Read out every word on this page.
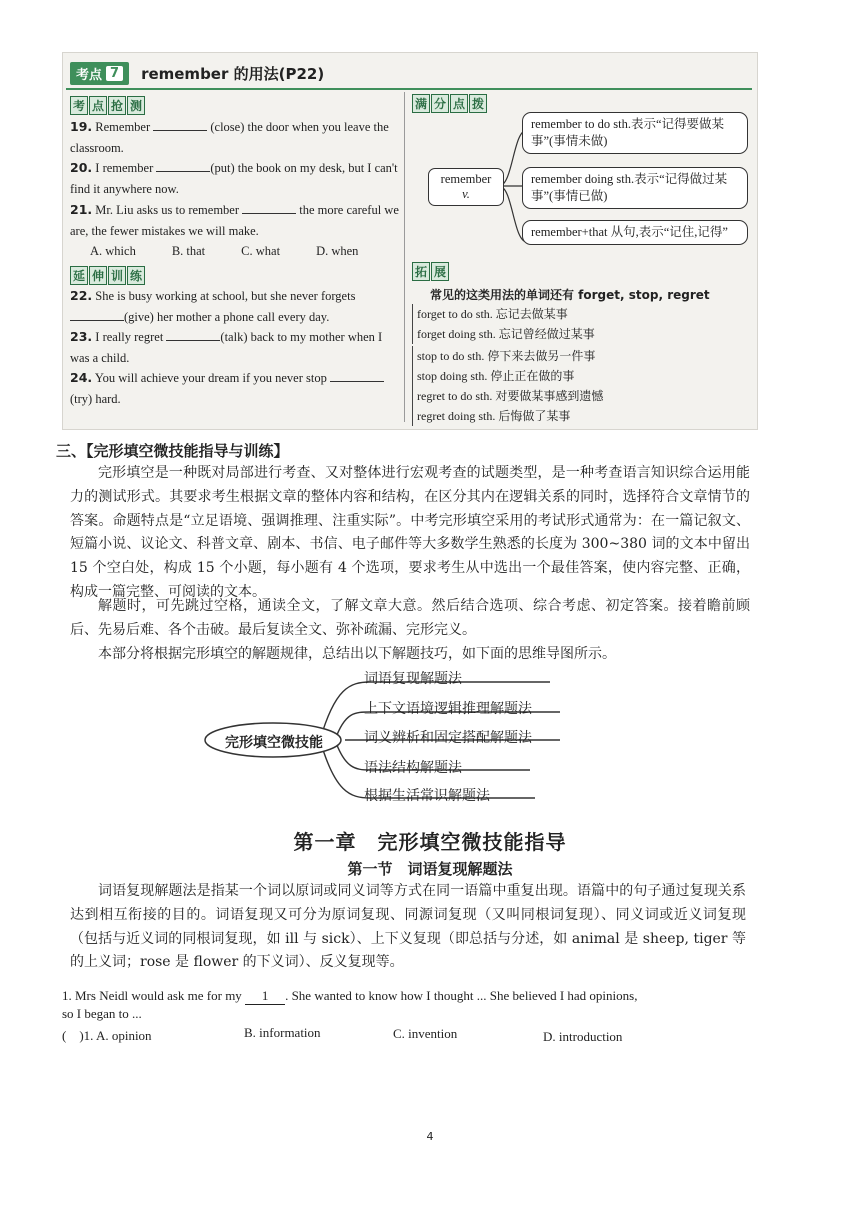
考点 7 remember 的用法(P22)
考 点 抢 测
19. Remember	(close) the door when you leave the classroom.
20. I remember	(put) the book on my desk, but I can't find it anywhere now.
21. Mr. Liu asks us to remember	the more careful we are, the fewer mistakes we will make.
A. which	B. that	C. what	D. when
延 伸 训 练
22. She is busy working at school, but she never forgets
(give) her mother a phone call every day.
23. I really regret	(talk) back to my mother when I was a child.
24. You will achieve your dream if you never stop
(try) hard.
满 分 点 拨
remember
v.
remember to do sth.表示“记得要做某事”(事情未做)
remember doing sth.表示“记得做过某事”(事情已做)
remember+that 从句,表示“记住,记得”
拓 展
常见的这类用法的单词还有 forget, stop, regret
forget to do sth. 忘记去做某事
forget doing sth. 忘记曾经做过某事
stop to do sth. 停下来去做另一件事
stop doing sth. 停止正在做的事
regret to do sth. 对要做某事感到遗憾
regret doing sth. 后悔做了某事
三、【完形填空微技能指导与训练】
完形填空是一种既对局部进行考查、又对整体进行宏观考查的试题类型，是一种考查语言知识综合运用能力的测试形式。其要求考生根据文章的整体内容和结构，在区分其内在逻辑关系的同时，选择符合文章情节的答案。命题特点是“立足语境、强调推理、注重实际”。中考完形填空采用的考试形式通常为：在一篇记叙文、短篇小说、议论文、科普文章、剧本、书信、电子邮件等大多数学生熟悉的长度为 300~380 词的文本中留出 15 个空白处，构成 15 个小题，每小题有 4 个选项，要求考生从中选出一个最佳答案，使内容完整、正确，构成一篇完整、可阅读的文本。
解题时，可先跳过空格，通读全文，了解文章大意。然后结合选项、综合考虑、初定答案。接着瞻前顾后、先易后难、各个击破。最后复读全文、弥补疏漏、完形完义。
本部分将根据完形填空的解题规律，总结出以下解题技巧，如下面的思维导图所示。
完形填空微技能
词语复现解题法
上下文语境逻辑推理解题法
词义辨析和固定搭配解题法
语法结构解题法
根据生活常识解题法
第一章　完形填空微技能指导
第一节　词语复现解题法
词语复现解题法是指某一个词以原词或同义词等方式在同一语篇中重复出现。语篇中的句子通过复现关系达到相互衔接的目的。词语复现又可分为原词复现、同源词复现（又叫同根词复现）、同义词或近义词复现（包括与近义词的同根词复现，如 ill 与 sick）、上下义复现（即总括与分述，如 animal 是 sheep, tiger 等的上义词；rose 是 flower 的下义词）、反义复现等。
1. Mrs Neidl would ask me for my 1 . She wanted to know how I thought ... She believed I had opinions,
so I began to ...
(　)1. A. opinion	B. information	C. invention	D. introduction
4
